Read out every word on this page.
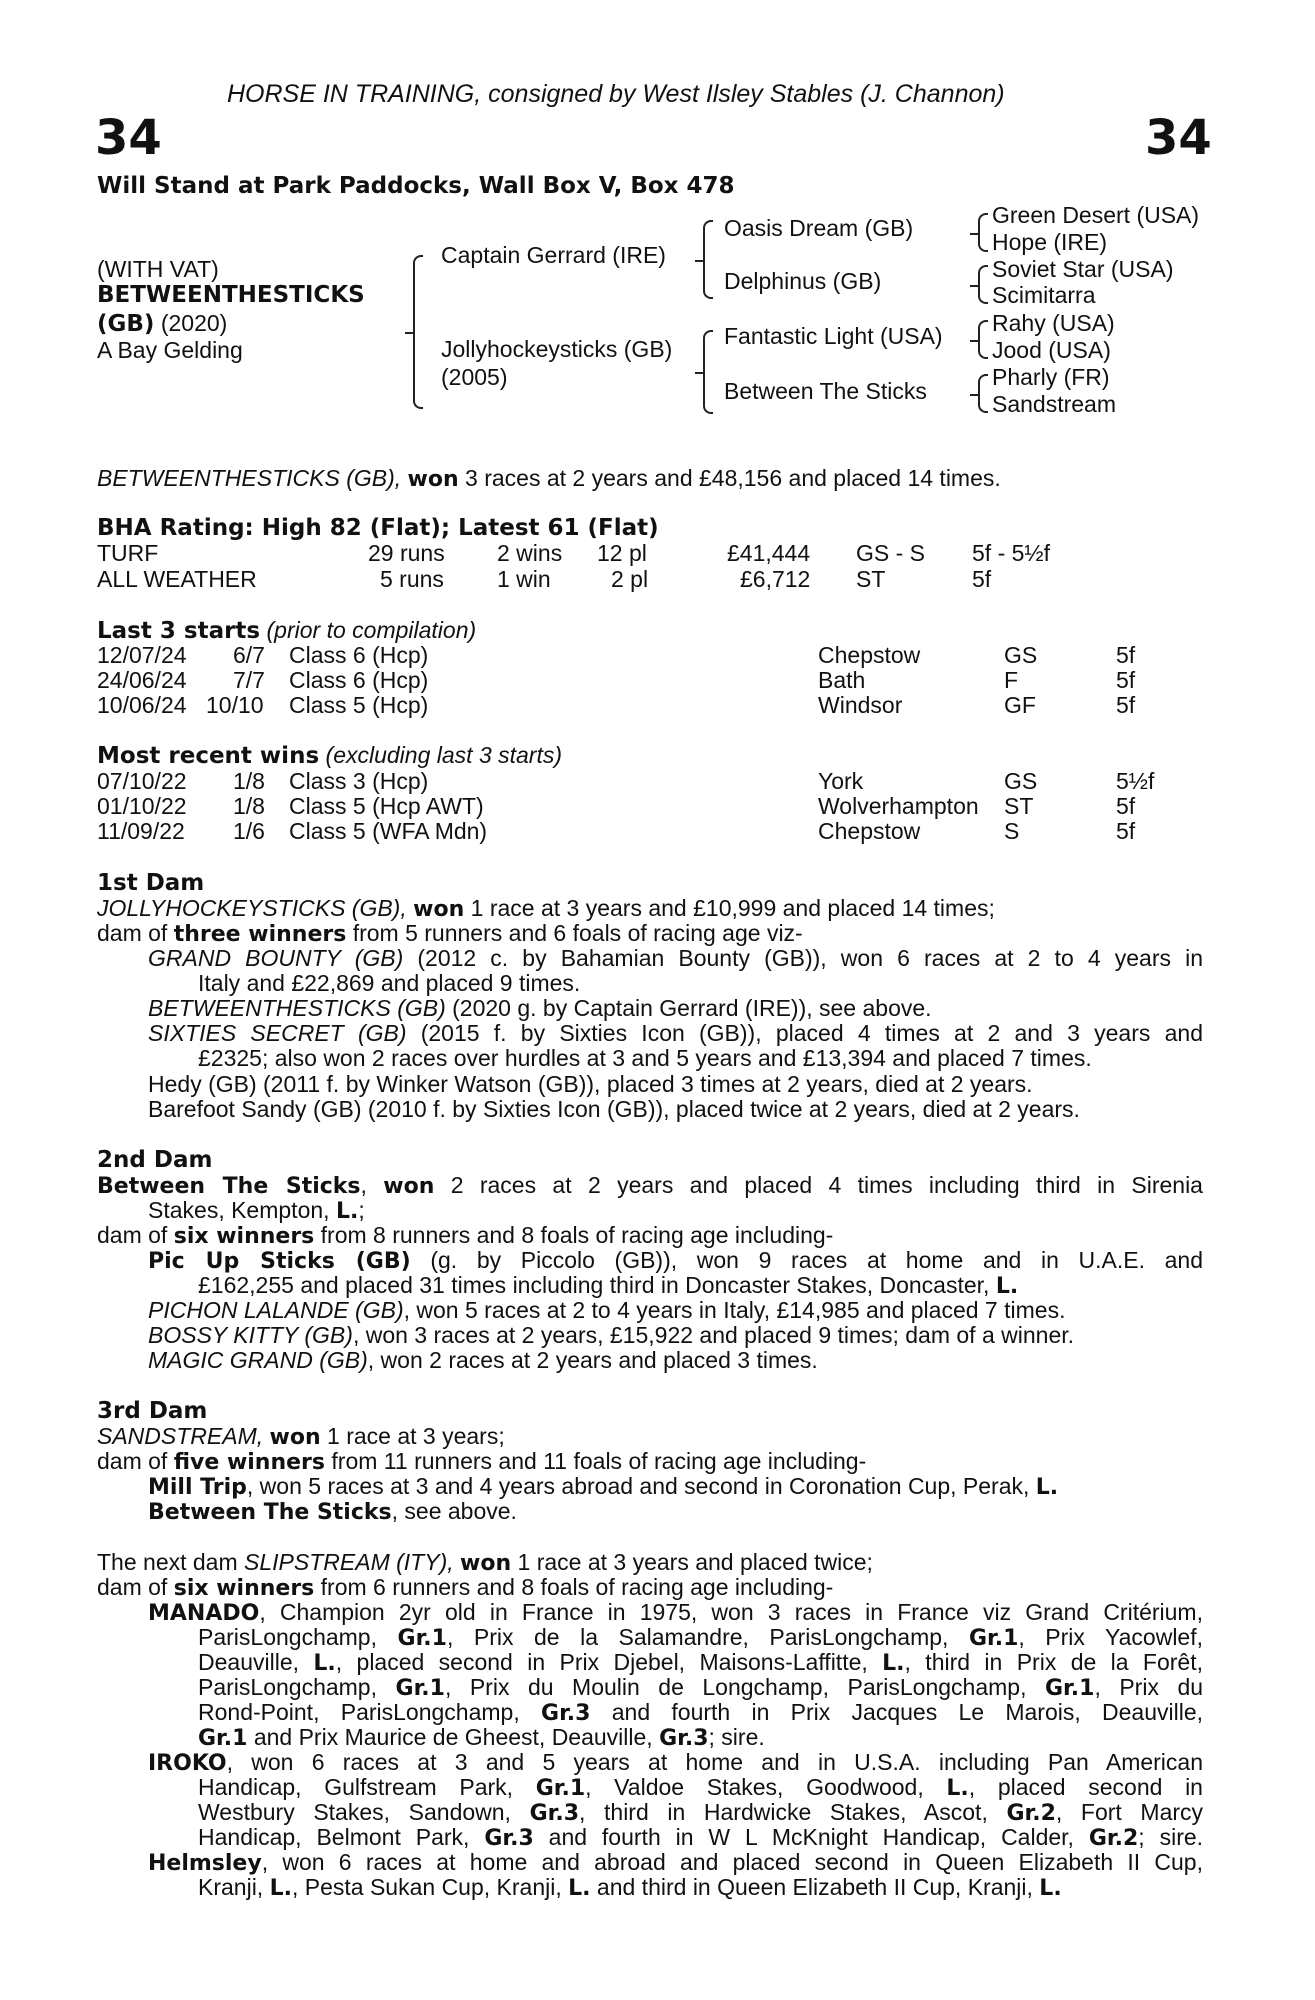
HORSE IN TRAINING, consigned by West Ilsley Stables (J. Channon)
34	34
Will Stand at Park Paddocks, Wall Box V, Box 478
(WITH VAT)
BETWEENTHESTICKS
(GB) (2020)
A Bay Gelding
Captain Gerrard (IRE)
Oasis Dream (GB)
Delphinus (GB)
Green Desert (USA)
Hope (IRE)
Soviet Star (USA)
Scimitarra
Jollyhockeysticks (GB)
(2005)
Fantastic Light (USA)
Between The Sticks
Rahy (USA)
Jood (USA)
Pharly (FR)
Sandstream
BETWEENTHESTICKS (GB), won 3 races at 2 years and £48,156 and placed 14 times.
BHA Rating: High 82 (Flat); Latest 61 (Flat)
TURF	29 runs 2 wins 12 pl	£41,444 GS - S 5f - 5½f
ALL WEATHER	5 runs 1 win	2 pl	£6,712 ST	5f
Last 3 starts (prior to compilation)
12/07/24 6/7 Class 6 (Hcp)	Chepstow	GS	5f
24/06/24 7/7 Class 6 (Hcp)	Bath	F	5f
10/06/24 10/10 Class 5 (Hcp)	Windsor	GF	5f
Most recent wins (excluding last 3 starts)
07/10/22 1/8 Class 3 (Hcp)	York	GS	5½f
01/10/22 1/8 Class 5 (Hcp AWT)	Wolverhampton ST	5f
11/09/22 1/6 Class 5 (WFA Mdn)	Chepstow	S	5f
1st Dam
JOLLYHOCKEYSTICKS (GB), won 1 race at 3 years and £10,999 and placed 14 times;
dam of three winners from 5 runners and 6 foals of racing age viz-
GRAND BOUNTY (GB) (2012 c. by Bahamian Bounty (GB)), won 6 races at 2 to 4 years in
Italy and £22,869 and placed 9 times.
BETWEENTHESTICKS (GB) (2020 g. by Captain Gerrard (IRE)), see above.
SIXTIES SECRET (GB) (2015 f. by Sixties Icon (GB)), placed 4 times at 2 and 3 years and
£2325; also won 2 races over hurdles at 3 and 5 years and £13,394 and placed 7 times.
Hedy (GB) (2011 f. by Winker Watson (GB)), placed 3 times at 2 years, died at 2 years.
Barefoot Sandy (GB) (2010 f. by Sixties Icon (GB)), placed twice at 2 years, died at 2 years.
2nd Dam
Between The Sticks, won 2 races at 2 years and placed 4 times including third in Sirenia
Stakes, Kempton, L.;
dam of six winners from 8 runners and 8 foals of racing age including-
Pic Up Sticks (GB) (g. by Piccolo (GB)), won 9 races at home and in U.A.E. and
£162,255 and placed 31 times including third in Doncaster Stakes, Doncaster, L.
PICHON LALANDE (GB), won 5 races at 2 to 4 years in Italy, £14,985 and placed 7 times.
BOSSY KITTY (GB), won 3 races at 2 years, £15,922 and placed 9 times; dam of a winner.
MAGIC GRAND (GB), won 2 races at 2 years and placed 3 times.
3rd Dam
SANDSTREAM, won 1 race at 3 years;
dam of five winners from 11 runners and 11 foals of racing age including-
Mill Trip, won 5 races at 3 and 4 years abroad and second in Coronation Cup, Perak, L.
Between The Sticks, see above.
The next dam SLIPSTREAM (ITY), won 1 race at 3 years and placed twice;
dam of six winners from 6 runners and 8 foals of racing age including-
MANADO, Champion 2yr old in France in 1975, won 3 races in France viz Grand Critérium,
ParisLongchamp, Gr.1, Prix de la Salamandre, ParisLongchamp, Gr.1, Prix Yacowlef,
Deauville, L., placed second in Prix Djebel, Maisons-Laffitte, L., third in Prix de la Forêt,
ParisLongchamp, Gr.1, Prix du Moulin de Longchamp, ParisLongchamp, Gr.1, Prix du
Rond-Point, ParisLongchamp, Gr.3 and fourth in Prix Jacques Le Marois, Deauville,
Gr.1 and Prix Maurice de Gheest, Deauville, Gr.3; sire.
IROKO, won 6 races at 3 and 5 years at home and in U.S.A. including Pan American
Handicap, Gulfstream Park, Gr.1, Valdoe Stakes, Goodwood, L., placed second in
Westbury Stakes, Sandown, Gr.3, third in Hardwicke Stakes, Ascot, Gr.2, Fort Marcy
Handicap, Belmont Park, Gr.3 and fourth in W L McKnight Handicap, Calder, Gr.2; sire.
Helmsley, won 6 races at home and abroad and placed second in Queen Elizabeth II Cup,
Kranji, L., Pesta Sukan Cup, Kranji, L. and third in Queen Elizabeth II Cup, Kranji, L.
